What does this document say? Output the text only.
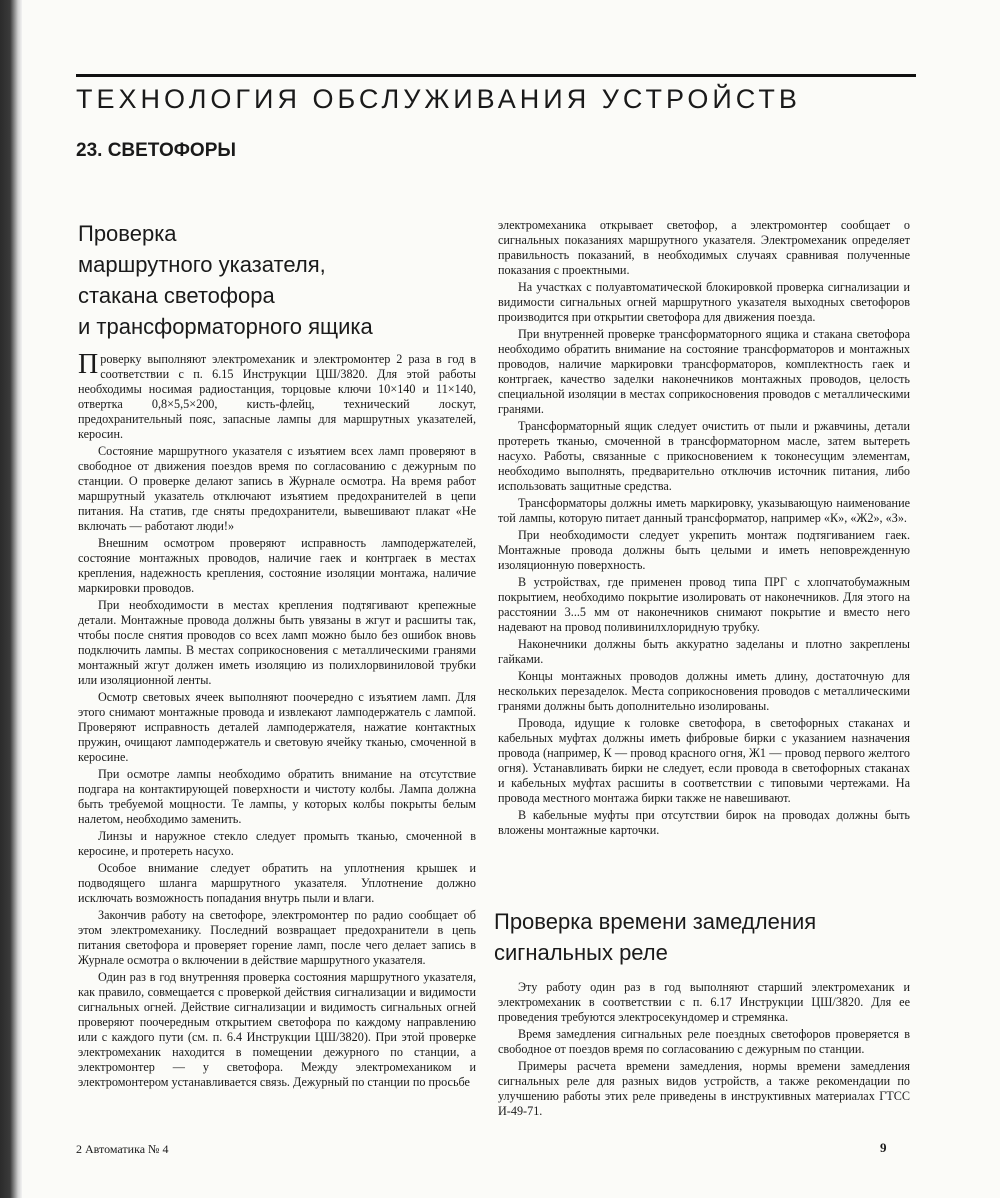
ТЕХНОЛОГИЯ ОБСЛУЖИВАНИЯ УСТРОЙСТВ
23. СВЕТОФОРЫ
Проверка
маршрутного указателя,
стакана светофора
и трансформаторного ящика

Проверку выполняют электромеханик и электромонтер 2 раза в год в соответствии с п. 6.15 Инструкции ЦШ/3820. Для этой работы необходимы носимая радиостанция, торцовые ключи 10×140 и 11×140, отвертка 0,8×5,5×200, кисть-флейц, технический лоскут, предохранительный пояс, запасные лампы для маршрутных указателей, керосин.

Состояние маршрутного указателя с изъятием всех ламп проверяют в свободное от движения поездов время по согласованию с дежурным по станции. О проверке делают запись в Журнале осмотра. На время работ маршрутный указатель отключают изъятием предохранителей в цепи питания. На статив, где сняты предохранители, вывешивают плакат «Не включать — работают люди!»

Внешним осмотром проверяют исправность ламподержателей, состояние монтажных проводов, наличие гаек и контргаек в местах крепления, надежность крепления, состояние изоляции монтажа, наличие маркировки проводов.

При необходимости в местах крепления подтягивают крепежные детали. Монтажные провода должны быть увязаны в жгут и расшиты так, чтобы после снятия проводов со всех ламп можно было без ошибок вновь подключить лампы. В местах соприкосновения с металлическими гранями монтажный жгут должен иметь изоляцию из полихлорвиниловой трубки или изоляционной ленты.

Осмотр световых ячеек выполняют поочередно с изъятием ламп. Для этого снимают монтажные провода и извлекают ламподержатель с лампой. Проверяют исправность деталей ламподержателя, нажатие контактных пружин, очищают ламподержатель и световую ячейку тканью, смоченной в керосине.

При осмотре лампы необходимо обратить внимание на отсутствие подгара на контактирующей поверхности и чистоту колбы. Лампа должна быть требуемой мощности. Те лампы, у которых колбы покрыты белым налетом, необходимо заменить.

Линзы и наружное стекло следует промыть тканью, смоченной в керосине, и протереть насухо.

Особое внимание следует обратить на уплотнения крышек и подводящего шланга маршрутного указателя. Уплотнение должно исключать возможность попадания внутрь пыли и влаги.

Закончив работу на светофоре, электромонтер по радио сообщает об этом электромеханику. Последний возвращает предохранители в цепь питания светофора и проверяет горение ламп, после чего делает запись в Журнале осмотра о включении в действие маршрутного указателя.

Один раз в год внутренняя проверка состояния маршрутного указателя, как правило, совмещается с проверкой действия сигнализации и видимости сигнальных огней. Действие сигнализации и видимость сигнальных огней проверяют поочередным открытием светофора по каждому направлению или с каждого пути (см. п. 6.4 Инструкции ЦШ/3820). При этой проверке электромеханик находится в помещении дежурного по станции, а электромонтер — у светофора. Между электромехаником и электромонтером устанавливается связь. Дежурный по станции по просьбе

электромеханика открывает светофор, а электромонтер сообщает о сигнальных показаниях маршрутного указателя. Электромеханик определяет правильность показаний, в необходимых случаях сравнивая полученные показания с проектными.

На участках с полуавтоматической блокировкой проверка сигнализации и видимости сигнальных огней маршрутного указателя выходных светофоров производится при открытии светофора для движения поезда.

При внутренней проверке трансформаторного ящика и стакана светофора необходимо обратить внимание на состояние трансформаторов и монтажных проводов, наличие маркировки трансформаторов, комплектность гаек и контргаек, качество заделки наконечников монтажных проводов, целость специальной изоляции в местах соприкосновения проводов с металлическими гранями.

Трансформаторный ящик следует очистить от пыли и ржавчины, детали протереть тканью, смоченной в трансформаторном масле, затем вытереть насухо. Работы, связанные с прикосновением к токонесущим элементам, необходимо выполнять, предварительно отключив источник питания, либо использовать защитные средства.

Трансформаторы должны иметь маркировку, указывающую наименование той лампы, которую питает данный трансформатор, например «К», «Ж2», «З».

При необходимости следует укрепить монтаж подтягиванием гаек. Монтажные провода должны быть целыми и иметь неповрежденную изоляционную поверхность.

В устройствах, где применен провод типа ПРГ с хлопчатобумажным покрытием, необходимо покрытие изолировать от наконечников. Для этого на расстоянии 3...5 мм от наконечников снимают покрытие и вместо него надевают на провод поливинилхлоридную трубку.

Наконечники должны быть аккуратно заделаны и плотно закреплены гайками.

Концы монтажных проводов должны иметь длину, достаточную для нескольких перезаделок. Места соприкосновения проводов с металлическими гранями должны быть дополнительно изолированы.

Провода, идущие к головке светофора, в светофорных стаканах и кабельных муфтах должны иметь фибровые бирки с указанием назначения провода (например, К — провод красного огня, Ж1 — провод первого желтого огня). Устанавливать бирки не следует, если провода в светофорных стаканах и кабельных муфтах расшиты в соответствии с типовыми чертежами. На провода местного монтажа бирки также не навешивают.

В кабельные муфты при отсутствии бирок на проводах должны быть вложены монтажные карточки.

Проверка времени замедления
сигнальных реле

Эту работу один раз в год выполняют старший электромеханик и электромеханик в соответствии с п. 6.17 Инструкции ЦШ/3820. Для ее проведения требуются электросекундомер и стремянка.

Время замедления сигнальных реле поездных светофоров проверяется в свободное от поездов время по согласованию с дежурным по станции.

Примеры расчета времени замедления, нормы времени замедления сигнальных реле для разных видов устройств, а также рекомендации по улучшению работы этих реле приведены в инструктивных материалах ГТСС И-49-71.

2 Автоматика № 4	9
